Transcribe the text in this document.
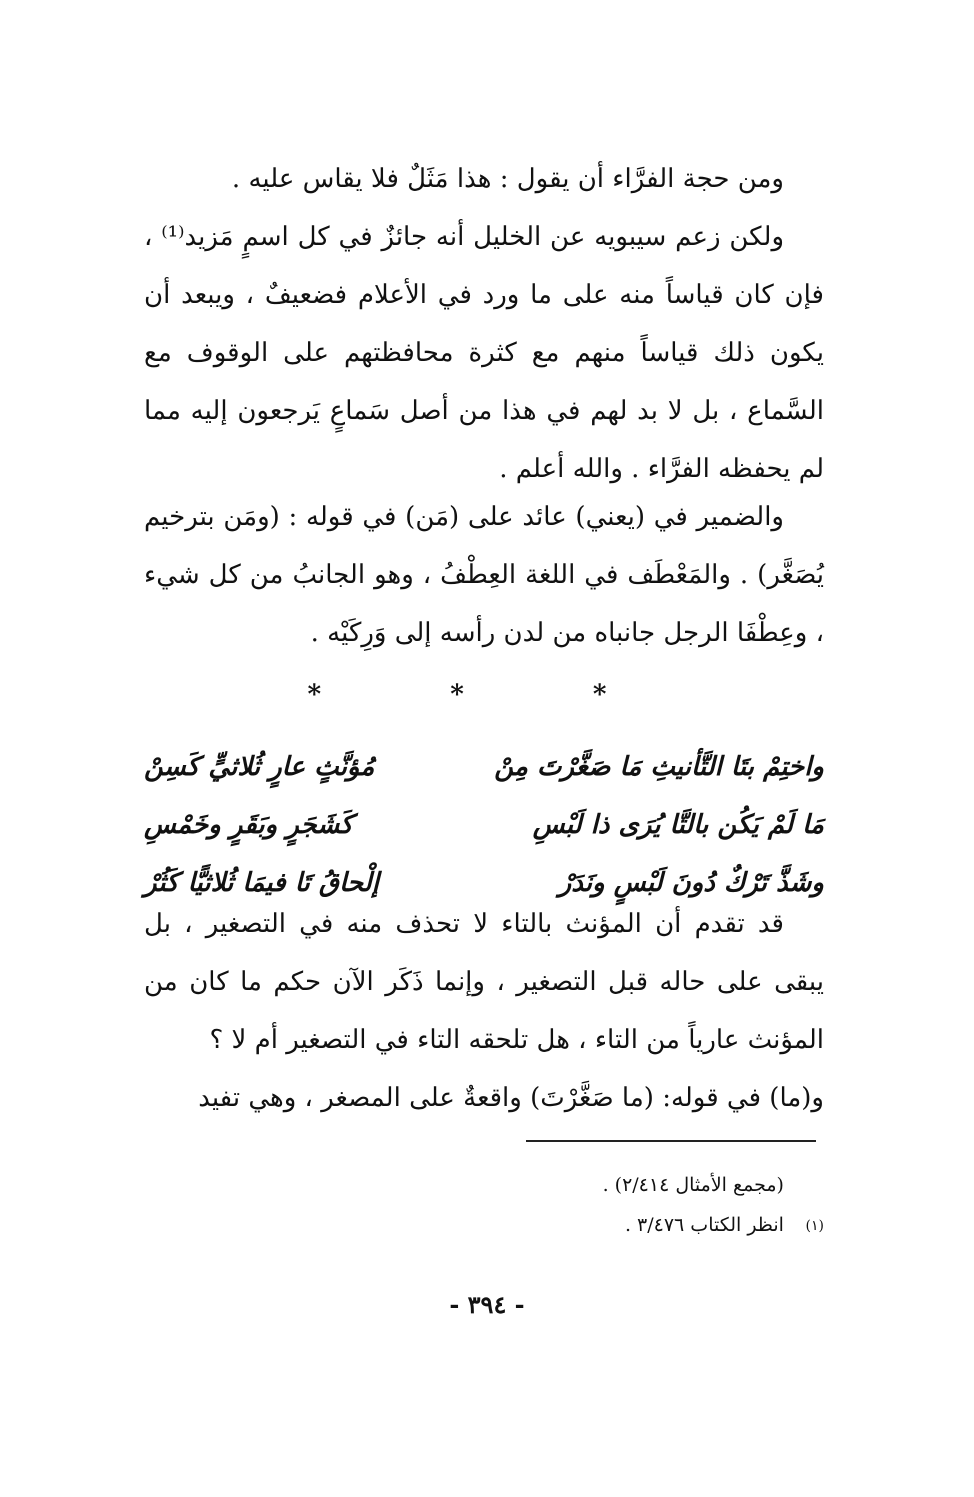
ومن حجة الفرَّاء أن يقول : هذا مَثَلٌ فلا يقاس عليه .

ولكن زعم سيبويه عن الخليل أنه جائزٌ في كل اسمٍ مَزيد⁽¹⁾ ، فإن كان قياساً منه على ما ورد في الأعلام فضعيفٌ ، ويبعد أن يكون ذلك قياساً منهم مع كثرة محافظتهم على الوقوف مع السَّماع ، بل لا بد لهم في هذا من أصل سَماعٍ يَرجعون إليه مما لم يحفظه الفرَّاء . والله أعلم .

والضمير في (يعني) عائد على (مَن) في قوله : (ومَن بترخيم يُصَغَّر) . والمَعْطَف في اللغة العِطْفُ ، وهو الجانبُ من كل شيء ، وعِطْفَا الرجل جانباه من لدن رأسه إلى وَرِكَيْه .

* * *
واختِمْ بتَا التَّأنيثِ مَا صَغَّرْتَ مِنْ
مُؤنَّثٍ عارٍ ثُلاثيٍّ كَسِنْ
مَا لَمْ يَكُن بالتَّا يُرَى ذا لَبْسِ
كَشَجَرٍ وبَقَرٍ وخَمْسِ
وشَذَّ تَرْكٌ دُونَ لَبْسٍ ونَدَرْ
إلْحاقُ تَا فيمَا ثُلاثيًّا كَثُرْ

قد تقدم أن المؤنث بالتاء لا تحذف منه في التصغير ، بل يبقى على حاله قبل التصغير ، وإنما ذَكَر الآن حكم ما كان من المؤنث عارياً من التاء ، هل تلحقه التاء في التصغير أم لا ؟

و(ما) في قوله: (ما صَغَّرْتَ) واقعةٌ على المصغر ، وهي تفيد

(مجمع الأمثال ٢/٤١٤) .

(١) انظر الكتاب ٣/٤٧٦ .

- ٣٩٤ -
